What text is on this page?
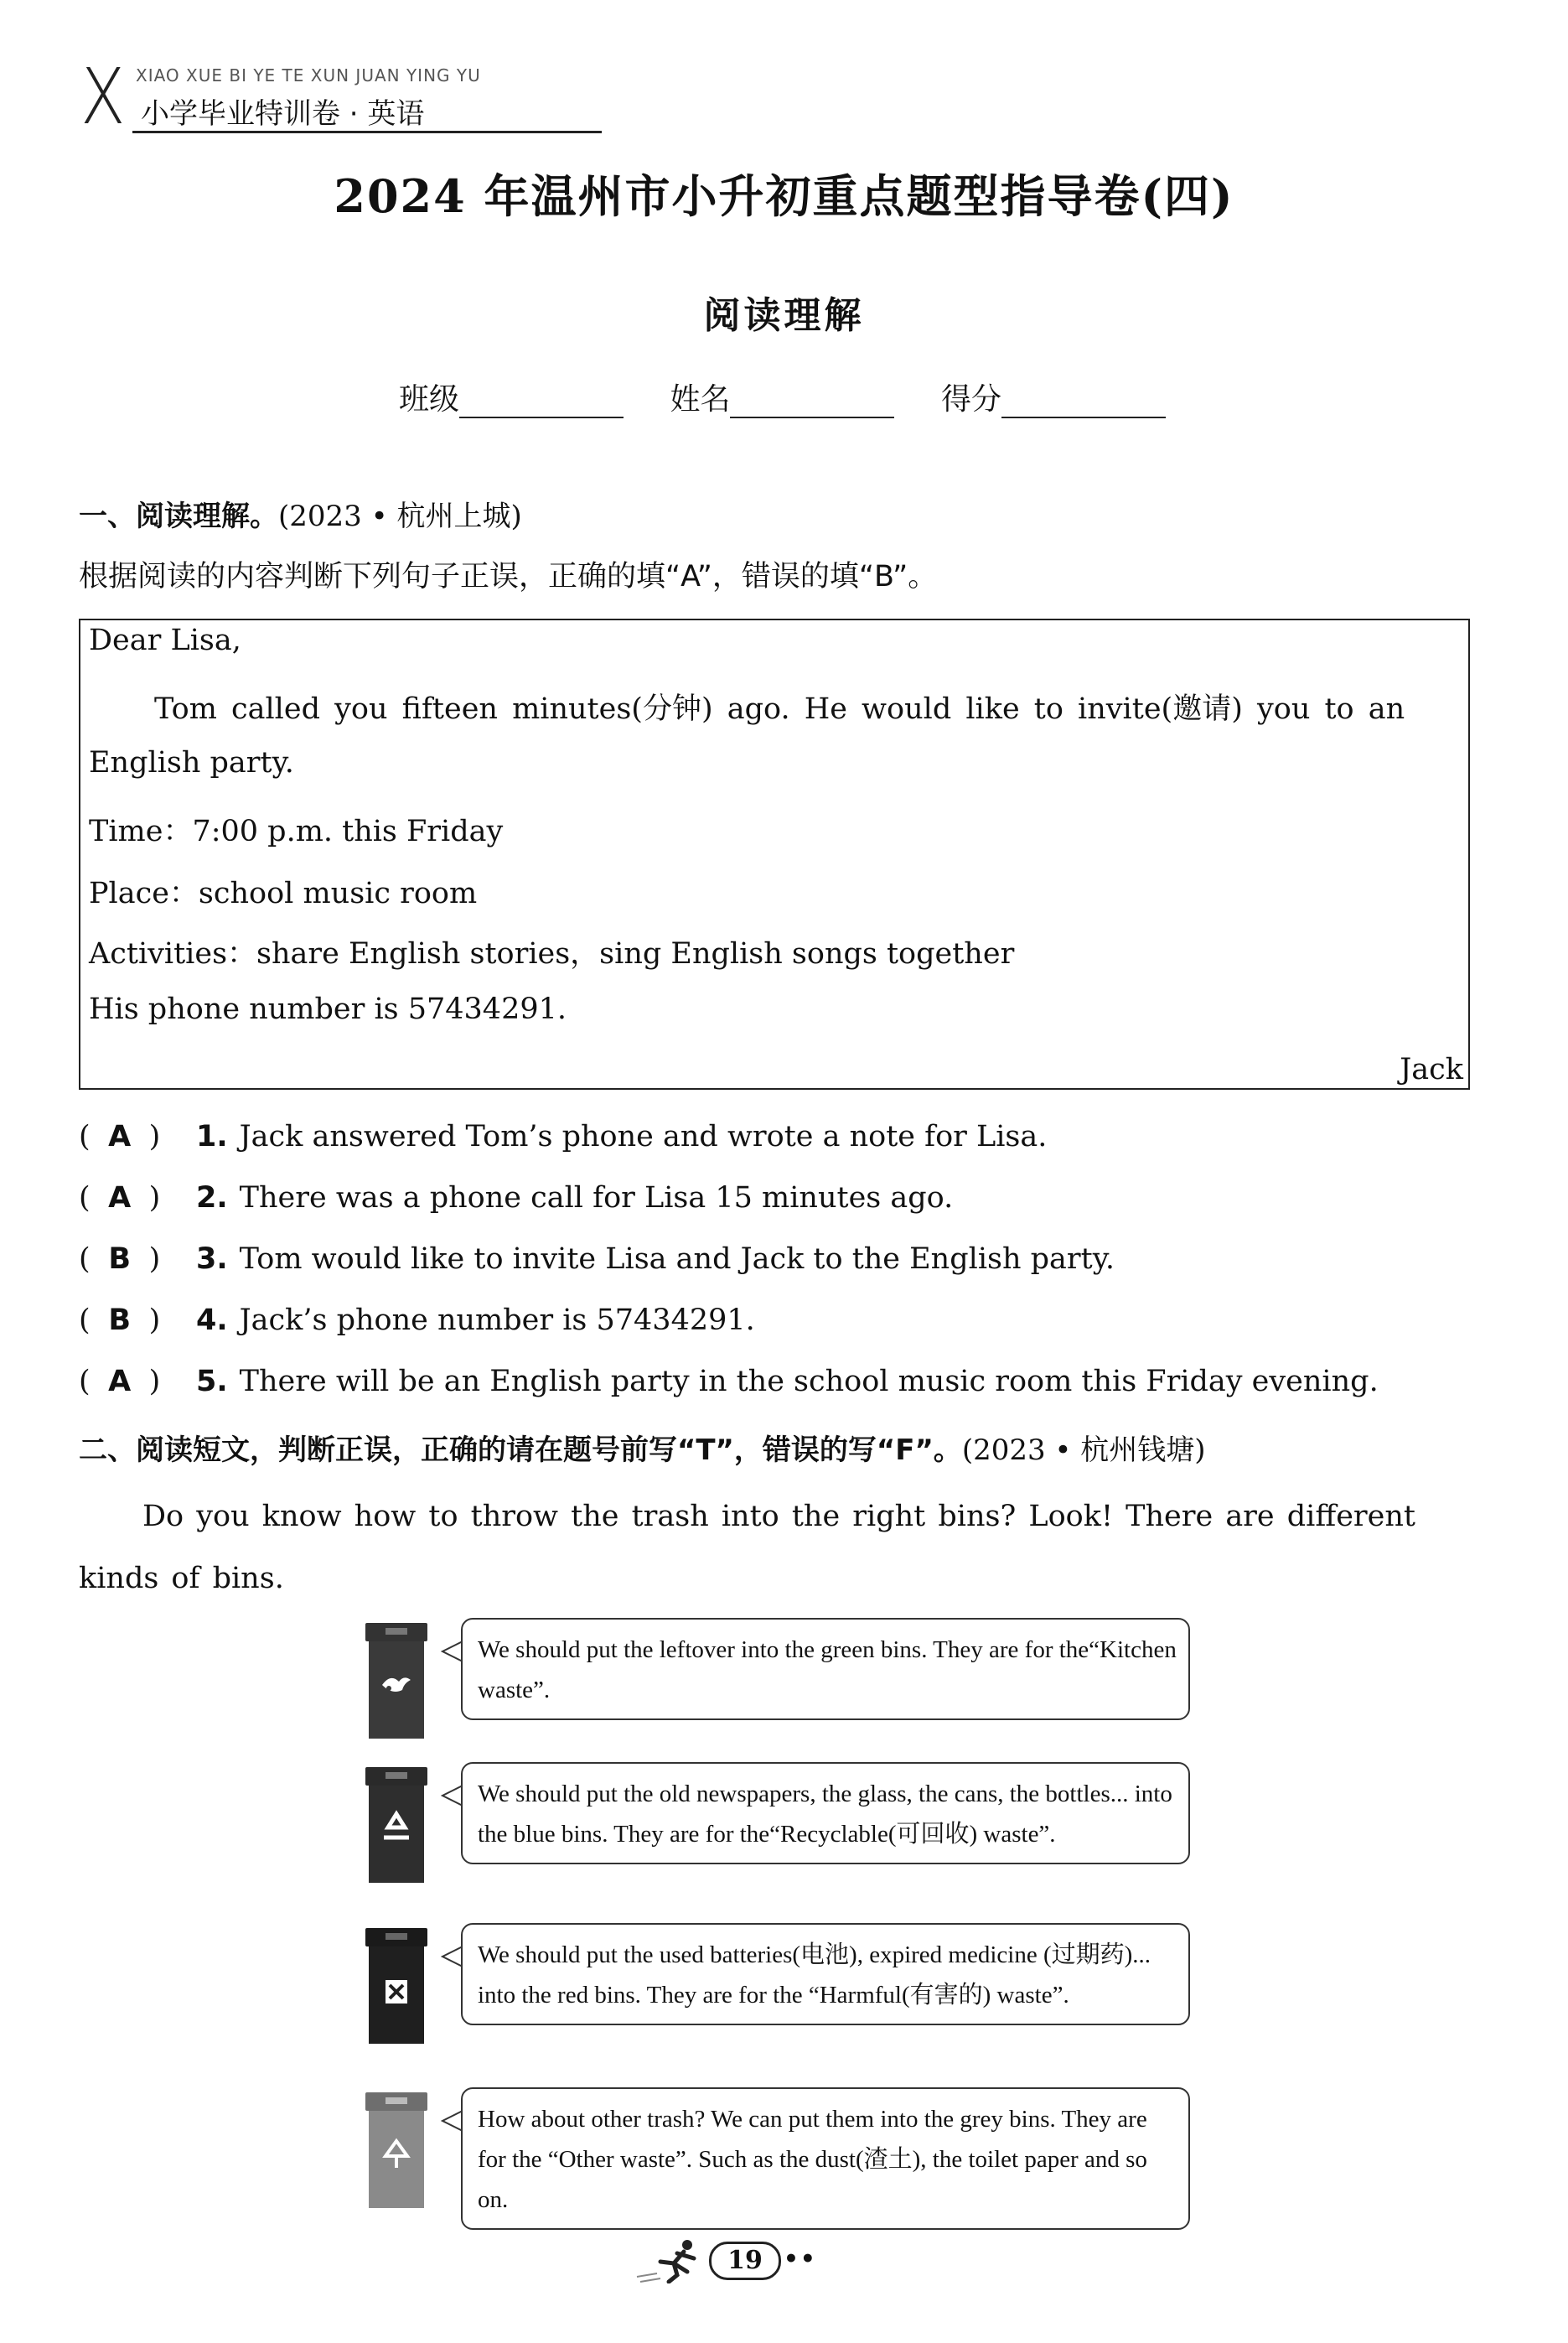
X XIAO XUE BI YE TE XUN JUAN YING YU
小学毕业特训卷 · 英语
2024 年温州市小升初重点题型指导卷(四)
阅读理解
班级	姓名	得分
一、阅读理解。(2023 • 杭州上城)
根据阅读的内容判断下列句子正误，正确的填“A”，错误的填“B”。
Dear Lisa,
Tom called you fifteen minutes(分钟) ago. He would like to invite(邀请) you to an
English party.
Time：7:00 p.m. this Friday
Place：school music room
Activities：share English stories，sing English songs together
His phone number is 57434291.
Jack
( A ) 1. Jack answered Tom’s phone and wrote a note for Lisa.
( A ) 2. There was a phone call for Lisa 15 minutes ago.
( B ) 3. Tom would like to invite Lisa and Jack to the English party.
( B ) 4. Jack’s phone number is 57434291.
( A ) 5. There will be an English party in the school music room this Friday evening.
二、阅读短文，判断正误，正确的请在题号前写“T”，错误的写“F”。(2023 • 杭州钱塘)
Do you know how to throw the trash into the right bins? Look! There are different kinds of bins.
We should put the leftover into the green bins. They are for the“Kitchen waste”.
We should put the old newspapers, the glass, the cans, the bottles... into the blue bins. They are for the“Recyclable(可回收) waste”.
We should put the used batteries(电池), expired medicine (过期药)... into the red bins. They are for the “Harmful(有害的) waste”.
How about other trash? We can put them into the grey bins. They are for the “Other waste”. Such as the dust(渣土), the toilet paper and so on.
19 ••
